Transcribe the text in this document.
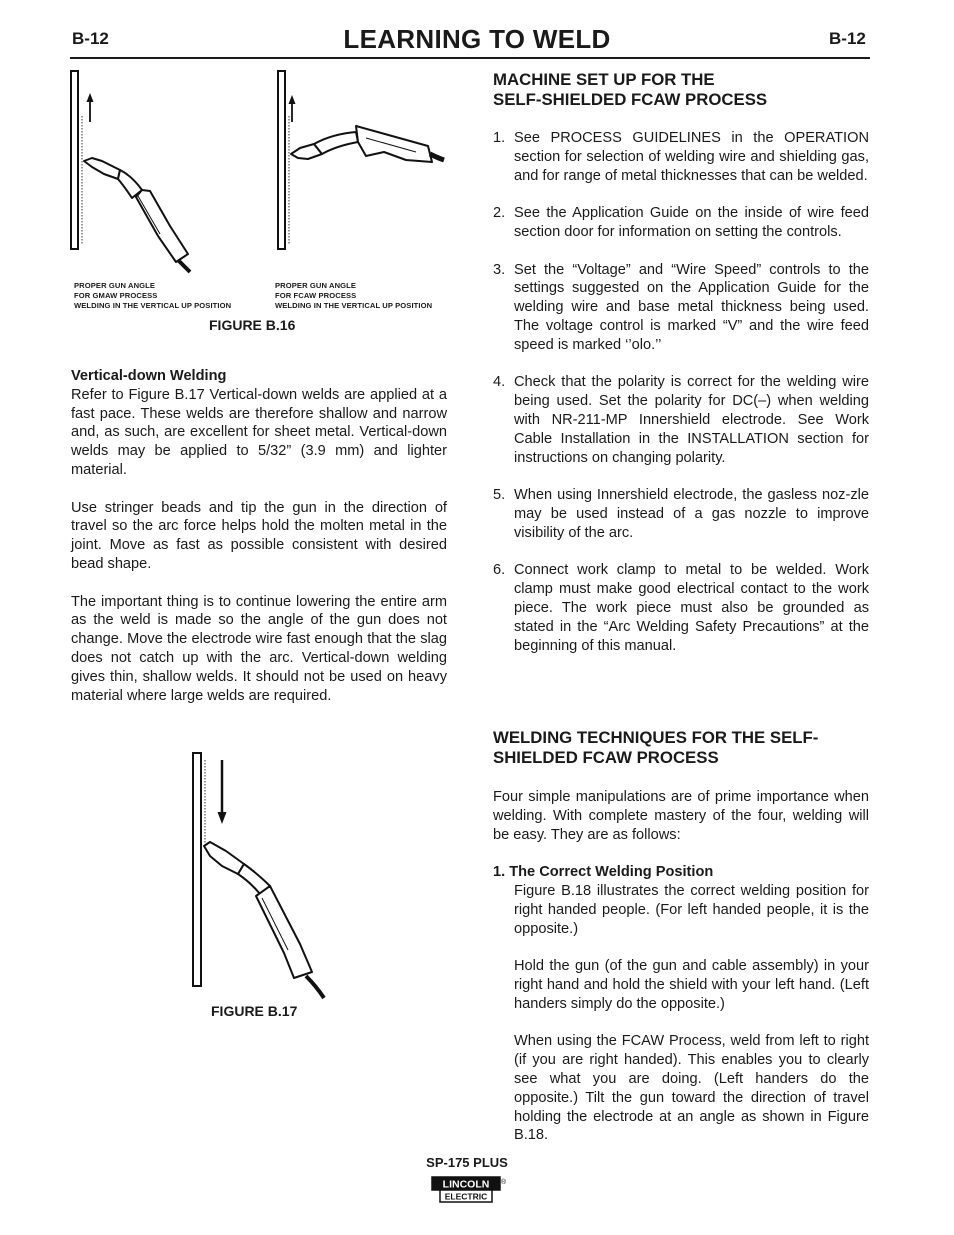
B-12	LEARNING TO WELD	B-12
PROPER GUN ANGLE
FOR GMAW PROCESS
WELDING IN THE VERTICAL UP POSITION
PROPER GUN ANGLE
FOR FCAW PROCESS
WELDING IN THE VERTICAL UP POSITION
FIGURE B.16
Vertical-down Welding

Refer to Figure B.17 Vertical-down welds are applied at a fast pace. These welds are therefore shallow and narrow and, as such, are excellent for sheet metal. Vertical-down welds may be applied to 5/32” (3.9 mm) and lighter material.

Use stringer beads and tip the gun in the direction of travel so the arc force helps hold the molten metal in the joint. Move as fast as possible consistent with desired bead shape.

The important thing is to continue lowering the entire arm as the weld is made so the angle of the gun does not change. Move the electrode wire fast enough that the slag does not catch up with the arc. Vertical-down welding gives thin, shallow welds. It should not be used on heavy material where large welds are required.

FIGURE B.17
MACHINE SET UP FOR THE
SELF-SHIELDED FCAW PROCESS
1. See PROCESS GUIDELINES in the OPERATION section for selection of welding wire and shielding gas, and for range of metal thicknesses that can be welded.
2. See the Application Guide on the inside of wire feed section door for information on setting the controls.
3. Set the “Voltage” and “Wire Speed” controls to the settings suggested on the Application Guide for the welding wire and base metal thickness being used. The voltage control is marked “V” and the wire feed speed is marked ‘’olo.’’
4. Check that the polarity is correct for the welding wire being used. Set the polarity for DC(–) when welding with NR-211-MP Innershield electrode. See Work Cable Installation in the INSTALLATION section for instructions on changing polarity.
5. When using Innershield electrode, the gasless noz-zle may be used instead of a gas nozzle to improve visibility of the arc.
6. Connect work clamp to metal to be welded. Work clamp must make good electrical contact to the work piece. The work piece must also be grounded as stated in the “Arc Welding Safety Precautions” at the beginning of this manual.
WELDING TECHNIQUES FOR THE SELF-
SHIELDED FCAW PROCESS

Four simple manipulations are of prime importance when welding. With complete mastery of the four, welding will be easy. They are as follows:

1. The Correct Welding Position

Figure B.18 illustrates the correct welding position for right handed people. (For left handed people, it is the opposite.)

Hold the gun (of the gun and cable assembly) in your right hand and hold the shield with your left hand. (Left handers simply do the opposite.)

When using the FCAW Process, weld from left to right (if you are right handed). This enables you to clearly see what you are doing. (Left handers do the opposite.) Tilt the gun toward the direction of travel holding the electrode at an angle as shown in Figure B.18.

SP-175 PLUS
LINCOLN
ELECTRIC
®
